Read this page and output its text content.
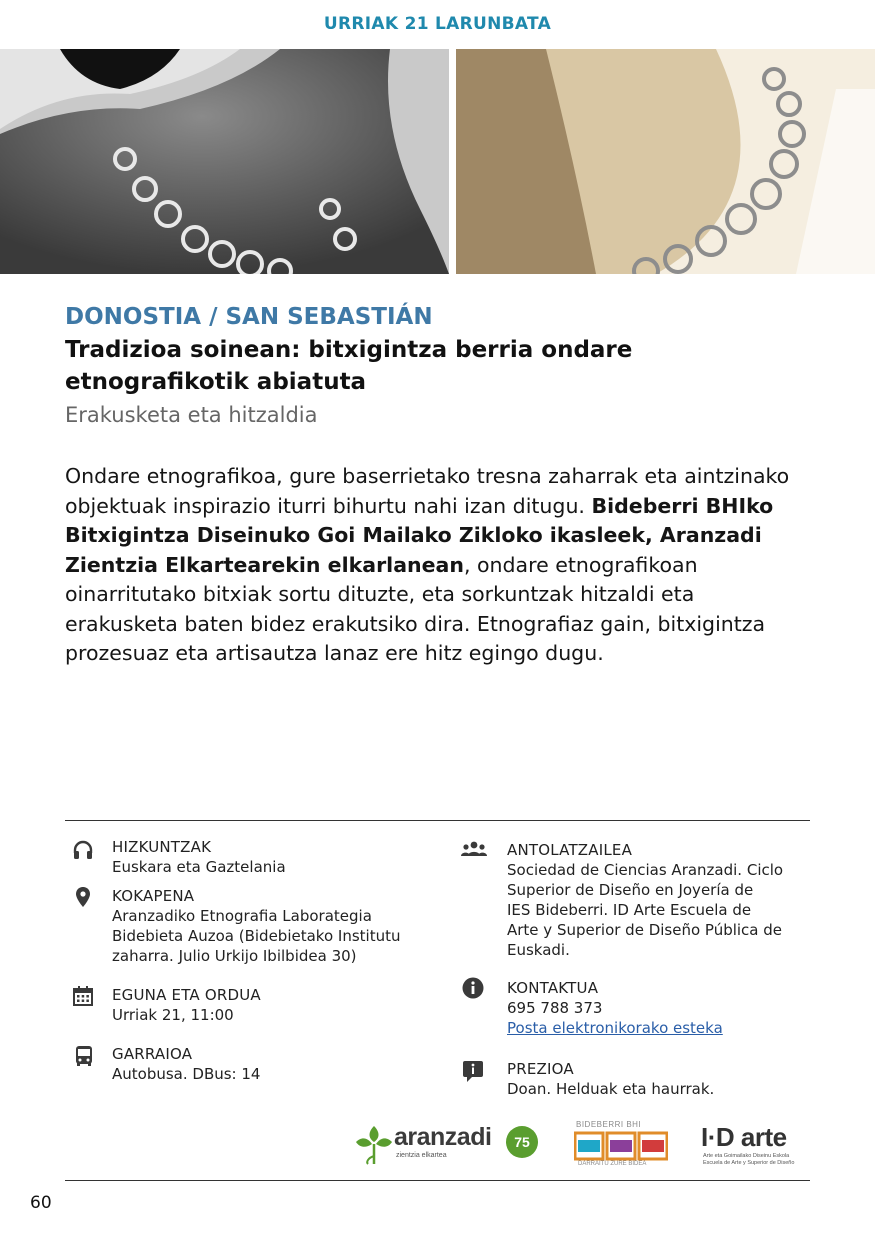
URRIAK 21 LARUNBATA
DONOSTIA / SAN SEBASTIÁN
Tradizioa soinean: bitxigintza berria ondare etnografikotik abiatuta
Erakusketa eta hitzaldia
Ondare etnografikoa, gure baserrietako tresna zaharrak eta aintzinako objektuak inspirazio iturri bihurtu nahi izan ditugu. Bideberri BHIko Bitxigintza Diseinuko Goi Mailako Zikloko ikasleek, Aranzadi Zientzia Elkartearekin elkarlanean, ondare etnografikoan oinarritutako bitxiak sortu dituzte, eta sorkuntzak hitzaldi eta erakusketa baten bidez erakutsiko dira. Etnografiaz gain, bitxigintza prozesuaz eta artisautza lanaz ere hitz egingo dugu.
HIZKUNTZAK
Euskara eta Gaztelania
KOKAPENA
Aranzadiko Etnografia Laborategia
Bidebieta Auzoa (Bidebietako Institutu
zaharra. Julio Urkijo Ibilbidea 30)
EGUNA ETA ORDUA
Urriak 21, 11:00
GARRAIOA
Autobusa. DBus: 14
ANTOLATZAILEA
Sociedad de Ciencias Aranzadi. Ciclo
Superior de Diseño en Joyería de
IES Bideberri. ID Arte Escuela de
Arte y Superior de Diseño Pública de
Euskadi.
KONTAKTUA
695 788 373
Posta elektronikorako esteka
PREZIOA
Doan. Helduak eta haurrak.
aranzadi
zientzia elkartea
75
BIDEBERRI BHI
DARRAITU ZURE BIDEA
I·D arte
Arte eta Goimailako Diseinu Eskola
Escuela de Arte y Superior de Diseño
60
